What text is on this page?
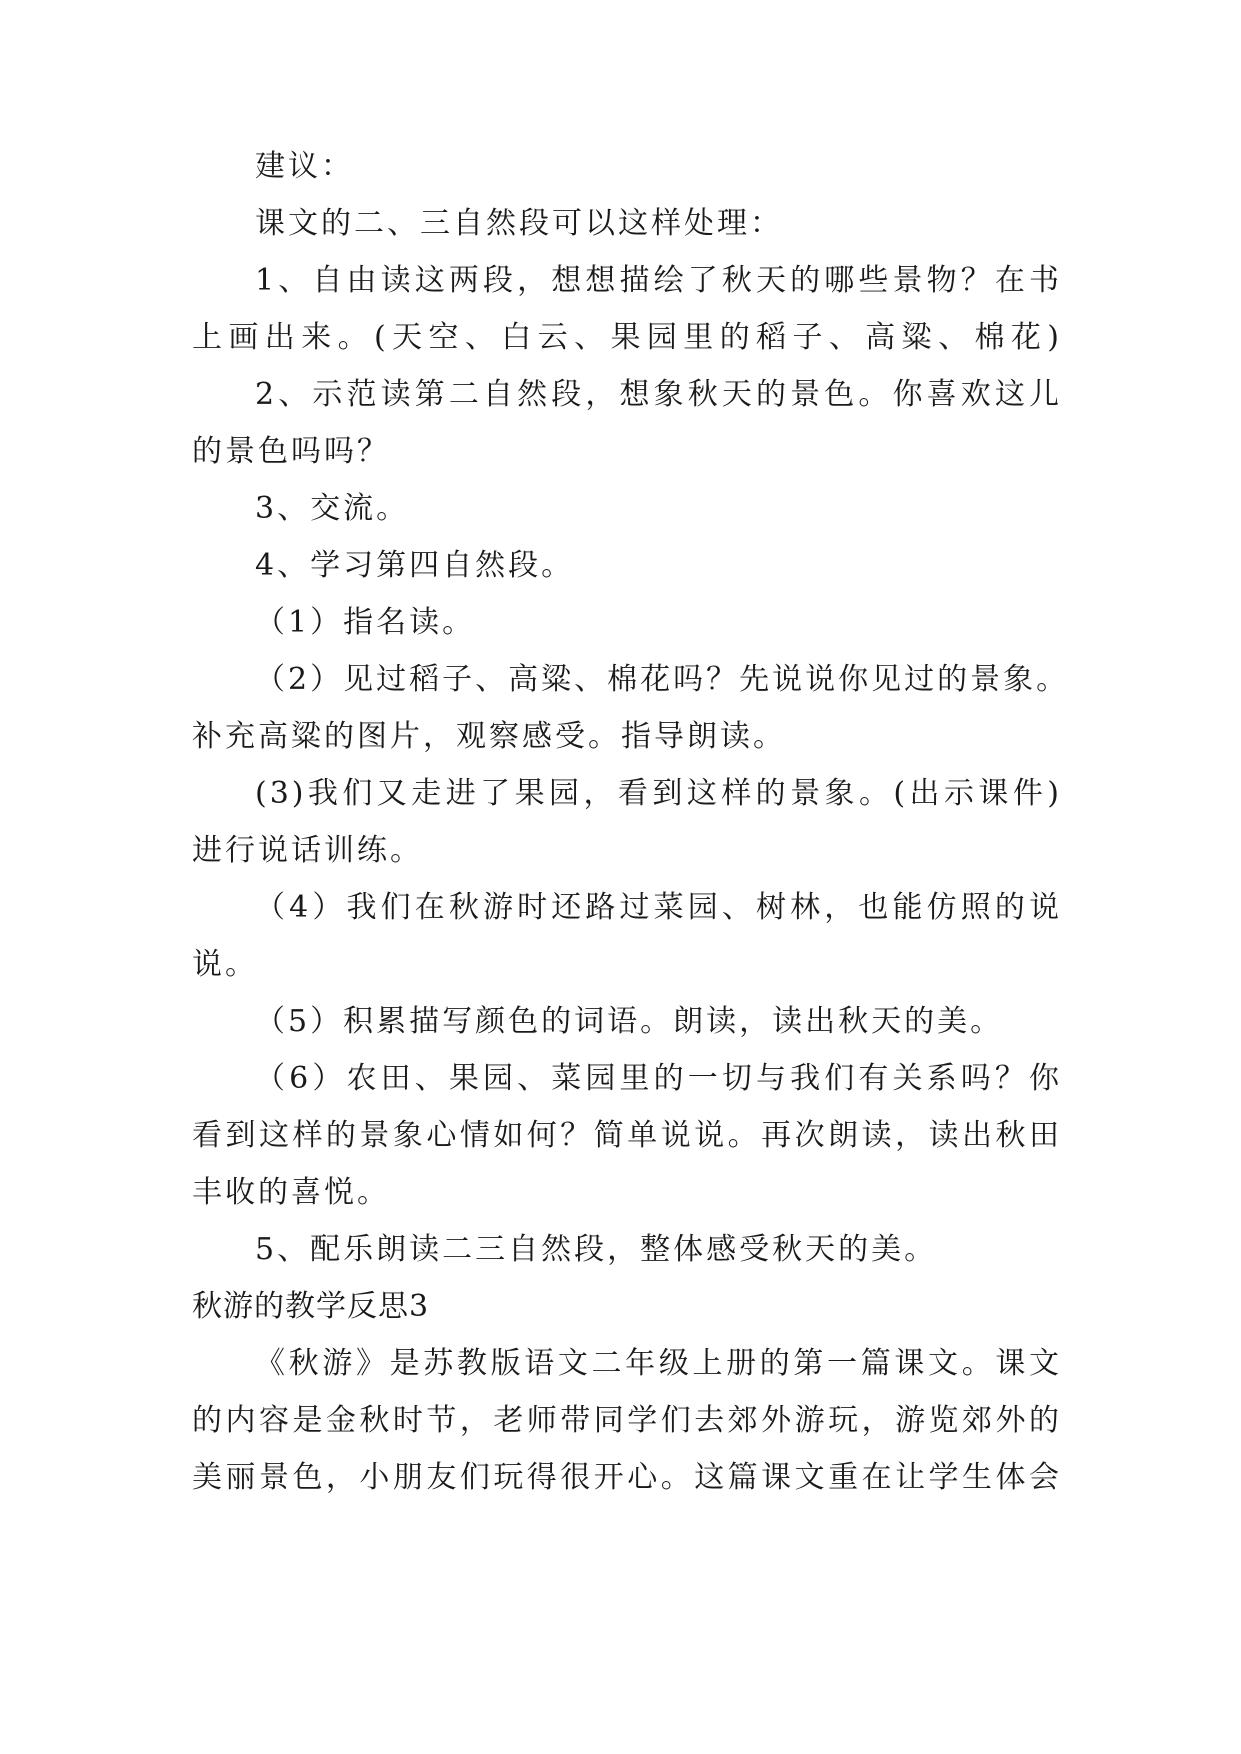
建议：

课文的二、三自然段可以这样处理：

1、自由读这两段，想想描绘了秋天的哪些景物？在书

上画出来。(天空、白云、果园里的稻子、高粱、棉花)

2、示范读第二自然段，想象秋天的景色。你喜欢这儿

的景色吗吗？

3、交流。

4、学习第四自然段。

（1）指名读。

（2）见过稻子、高粱、棉花吗？先说说你见过的景象。

补充高粱的图片，观察感受。指导朗读。

(3)我们又走进了果园，看到这样的景象。(出示课件)

进行说话训练。

（4）我们在秋游时还路过菜园、树林，也能仿照的说

说。

（5）积累描写颜色的词语。朗读，读出秋天的美。

（6）农田、果园、菜园里的一切与我们有关系吗？你

看到这样的景象心情如何？简单说说。再次朗读，读出秋田

丰收的喜悦。

5、配乐朗读二三自然段，整体感受秋天的美。

秋游的教学反思3

《秋游》是苏教版语文二年级上册的第一篇课文。课文

的内容是金秋时节，老师带同学们去郊外游玩，游览郊外的

美丽景色，小朋友们玩得很开心。这篇课文重在让学生体会
